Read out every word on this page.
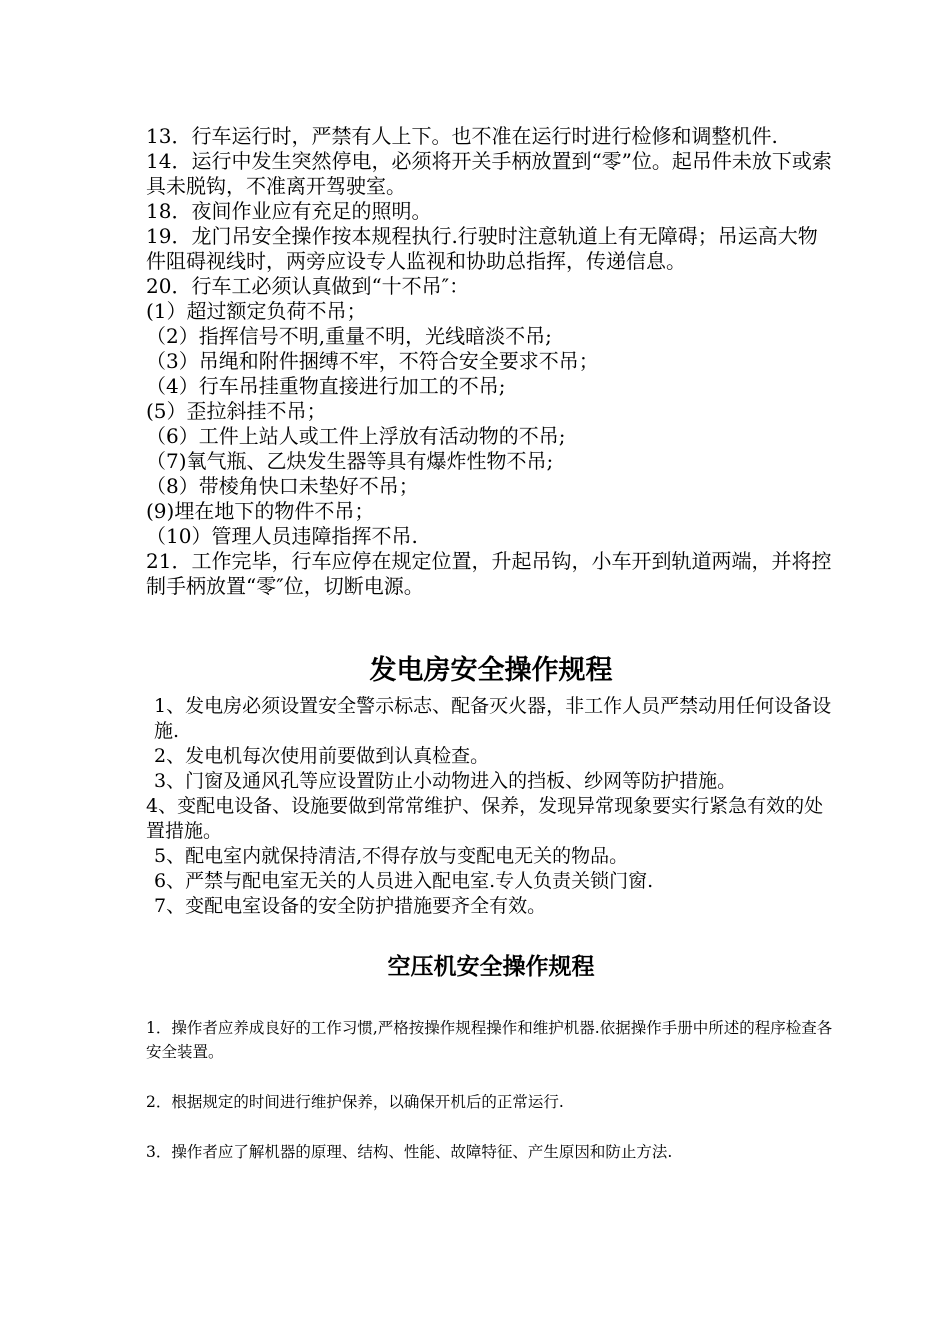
13．行车运行时，严禁有人上下。也不准在运行时进行检修和调整机件.

14．运行中发生突然停电，必须将开关手柄放置到“零”位。起吊件未放下或索具未脱钩，不准离开驾驶室。

18．夜间作业应有充足的照明。

19．龙门吊安全操作按本规程执行.行驶时注意轨道上有无障碍；吊运高大物件阻碍视线时，两旁应设专人监视和协助总指挥，传递信息。

20．行车工必须认真做到“十不吊″：

(1）超过额定负荷不吊；

（2）指挥信号不明,重量不明，光线暗淡不吊;

（3）吊绳和附件捆缚不牢，不符合安全要求不吊；

（4）行车吊挂重物直接进行加工的不吊;

(5）歪拉斜挂不吊；

（6）工件上站人或工件上浮放有活动物的不吊;

（7)氧气瓶、乙炔发生器等具有爆炸性物不吊;

（8）带棱角快口未垫好不吊；

(9)埋在地下的物件不吊；

（10）管理人员违障指挥不吊.

21．工作完毕，行车应停在规定位置，升起吊钩，小车开到轨道两端，并将控制手柄放置“零″位，切断电源。

发电房安全操作规程

1、发电房必须设置安全警示标志、配备灭火器，非工作人员严禁动用任何设备设施.

2、发电机每次使用前要做到认真检查。

3、门窗及通风孔等应设置防止小动物进入的挡板、纱网等防护措施。

4、变配电设备、设施要做到常常维护、保养，发现异常现象要实行紧急有效的处置措施。

5、配电室内就保持清洁,不得存放与变配电无关的物品。

6、严禁与配电室无关的人员进入配电室.专人负责关锁门窗.

7、变配电室设备的安全防护措施要齐全有效。

空压机安全操作规程

1．操作者应养成良好的工作习惯,严格按操作规程操作和维护机器.依据操作手册中所述的程序检查各安全装置。

2．根据规定的时间进行维护保养，以确保开机后的正常运行.

3．操作者应了解机器的原理、结构、性能、故障特征、产生原因和防止方法.
